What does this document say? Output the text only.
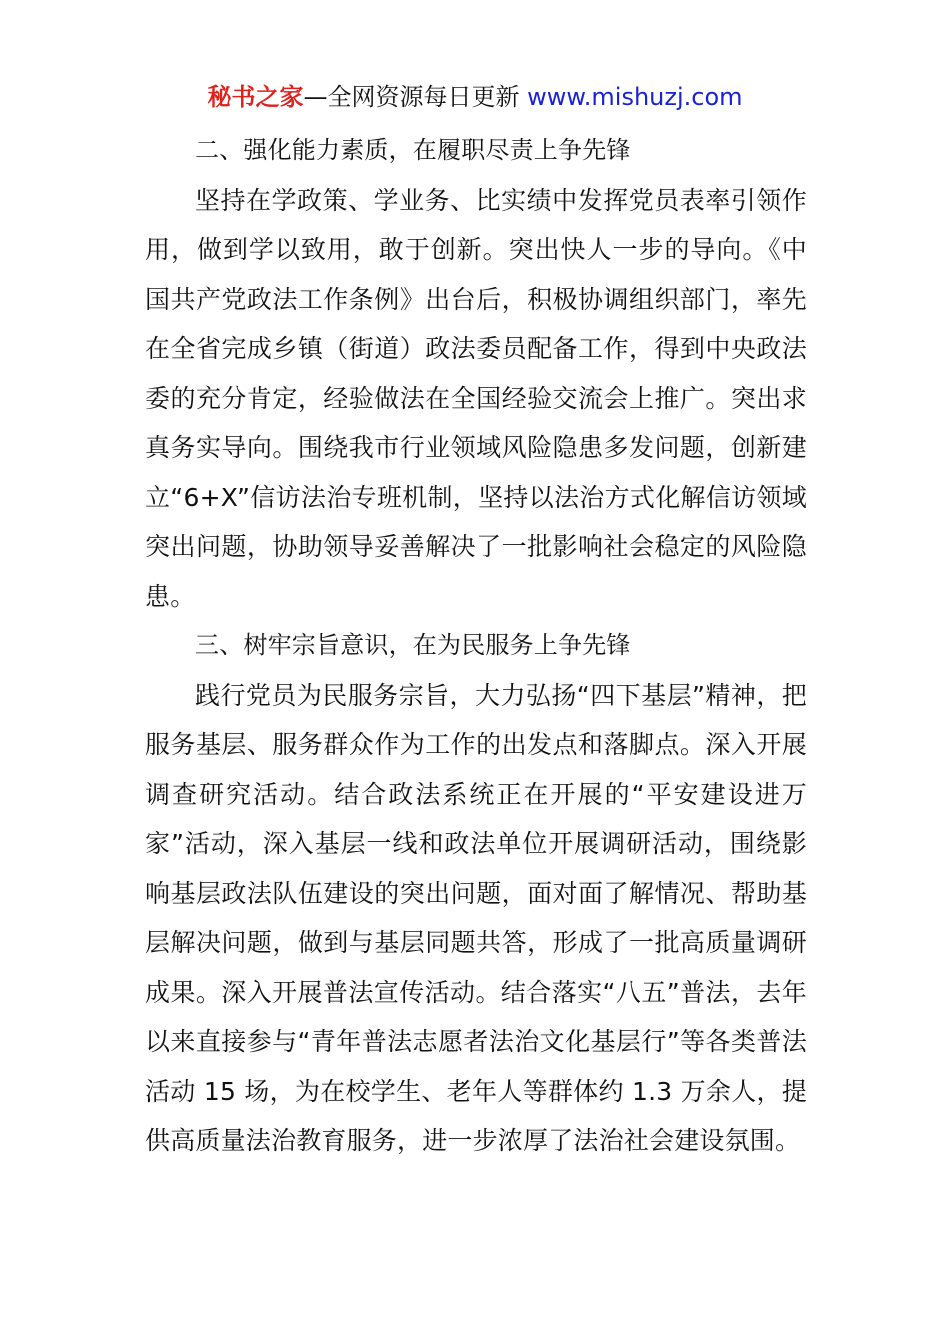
秘书之家—全网资源每日更新 www.mishuzj.com

二、强化能力素质，在履职尽责上争先锋

坚持在学政策、学业务、比实绩中发挥党员表率引领作用，做到学以致用，敢于创新。突出快人一步的导向。《中国共产党政法工作条例》出台后，积极协调组织部门，率先在全省完成乡镇（街道）政法委员配备工作，得到中央政法委的充分肯定，经验做法在全国经验交流会上推广。突出求真务实导向。围绕我市行业领域风险隐患多发问题，创新建立“6+X”信访法治专班机制，坚持以法治方式化解信访领域突出问题，协助领导妥善解决了一批影响社会稳定的风险隐患。

三、树牢宗旨意识，在为民服务上争先锋

践行党员为民服务宗旨，大力弘扬“四下基层”精神，把服务基层、服务群众作为工作的出发点和落脚点。深入开展调查研究活动。结合政法系统正在开展的“平安建设进万家”活动，深入基层一线和政法单位开展调研活动，围绕影响基层政法队伍建设的突出问题，面对面了解情况、帮助基层解决问题，做到与基层同题共答，形成了一批高质量调研成果。深入开展普法宣传活动。结合落实“八五”普法，去年以来直接参与“青年普法志愿者法治文化基层行”等各类普法活动 15 场，为在校学生、老年人等群体约 1.3 万余人，提供高质量法治教育服务，进一步浓厚了法治社会建设氛围。
